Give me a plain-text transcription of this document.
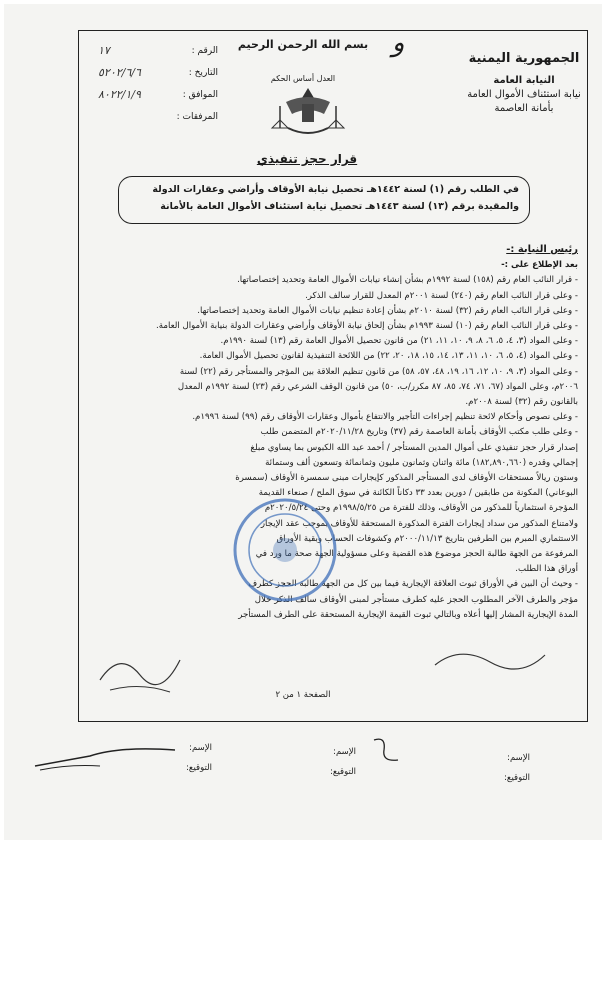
ﻭ
الرقم :
١٧
التاريخ :
٥٢٠٢/٦/٦
الموافق :
٨٠٢٢/١/٩
المرفقات :
بسم الله الرحمن الرحيم
العدل أساس الحكم
الجمهورية اليمنية
النيابة العامة
نيابة استئناف الأموال العامة
بأمانة العاصمة
قرار حجز تنفيذي
في الطلب رقم (١) لسنة ١٤٤٢هـ تحصيل نيابة الأوقاف وأراضي وعقارات الدولة
والمقيدة برقم (١٣) لسنة ١٤٤٣هـ تحصيل نيابة استئناف الأموال العامة بالأمانة

رئيس النيابة :-

بعد الإطلاع على :-

- قرار النائب العام رقم (١٥٨) لسنة ١٩٩٢م بشأن إنشاء نيابات الأموال العامة وتحديد إختصاصاتها.

- وعلى قرار النائب العام رقم (٢٤٠) لسنة ٢٠٠١م المعدل للقرار سالف الذكر.

- وعلى قرار النائب العام رقم (٣٢) لسنة ٢٠١٠م بشأن إعادة تنظيم نيابات الأموال العامة وتحديد إختصاصاتها.

- وعلى قرار النائب العام رقم (١٠) لسنة ١٩٩٣م بشأن إلحاق نيابة الأوقاف وأراضي وعقارات الدولة بنيابة الأموال العامة.

- وعلى المواد (٣، ٤، ٥، ٦، ٨، ٩، ١٠، ١١، ٢١) من قانون تحصيل الأموال العامة رقم (١٣) لسنة ١٩٩٠م.

- وعلى المواد (٤، ٥، ٦، ١٠، ١١، ١٣، ١٤، ١٥، ١٨، ٢٠، ٢٢) من اللائحة التنفيذية لقانون تحصيل الأموال العامة.

- وعلى المواد (٣، ٩، ١٠، ١٢، ١٦، ١٩، ٤٨، ٥٧، ٥٨) من قانون تنظيم العلاقة بين المؤجر والمستأجر رقم (٢٢) لسنة

٢٠٠٦م، وعلى المواد (٦٧، ٧١، ٧٤، ٨٥، ٨٧ مكرر/ب، ٥٠) من قانون الوقف الشرعي رقم (٢٣) لسنة ١٩٩٢م المعدل

بالقانون رقم (٣٢) لسنة ٢٠٠٨م.

- وعلى نصوص وأحكام لائحة تنظيم إجراءات التأجير والانتفاع بأموال وعقارات الأوقاف رقم (٩٩) لسنة ١٩٩٦م.

- وعلى طلب مكتب الأوقاف بأمانة العاصمة رقم (٣٧) وتاريخ ٢٠٢٠/١١/٢٨م المتضمن طلب

إصدار قرار حجز تنفيذي على أموال المدين المستأجر / أحمد عبد الله الكبوس بما يساوي مبلغ

إجمالي وقدره (١٨٢,٨٩٠,٦٦٠) مائة واثنان وثمانون مليون وثمانمائة وتسعون ألف وستمائة

وستون ريالاً مستحقات الأوقاف لدى المستأجر المذكور كإيجارات مبنى سمسرة الأوقاف (سمسرة

البوعاني) المكونة من طابقين / دورين بعدد ٣٣ دكاناً الكائنة في سوق الملح / صنعاء القديمة

المؤجرة استثمارياً للمذكور من الأوقاف، وذلك للفترة من ١٩٩٨/٥/٢٥م وحتى ٢٠٢٠/٥/٢٤م

ولامتناع المذكور من سداد إيجارات الفترة المذكورة المستحقة للأوقاف بموجب عقد الإيجار

الاستثماري المبرم بين الطرفين بتاريخ ٢٠٠٠/١١/١٣م وكشوفات الحساب وبقية الأوراق

المرفوعة من الجهة طالبة الحجز موضوع هذه القضية وعلى مسؤولية الجهة صحة ما ورد في

أوراق هذا الطلب.

- وحيث أن البين في الأوراق ثبوت العلاقة الإيجارية فيما بين كل من الجهة طالبة الحجز كطرف

مؤجر والطرف الآخر المطلوب الحجز عليه كطرف مستأجر لمبنى الأوقاف سالف الذكر خلال

المدة الإيجارية المشار إليها أعلاه وبالتالي ثبوت القيمة الإيجارية المستحقة على الطرف المستأجر

الصفحة ١ من ٢
الإسم:
التوقيع:
الإسم:
التوقيع:
الإسم:
التوقيع:
